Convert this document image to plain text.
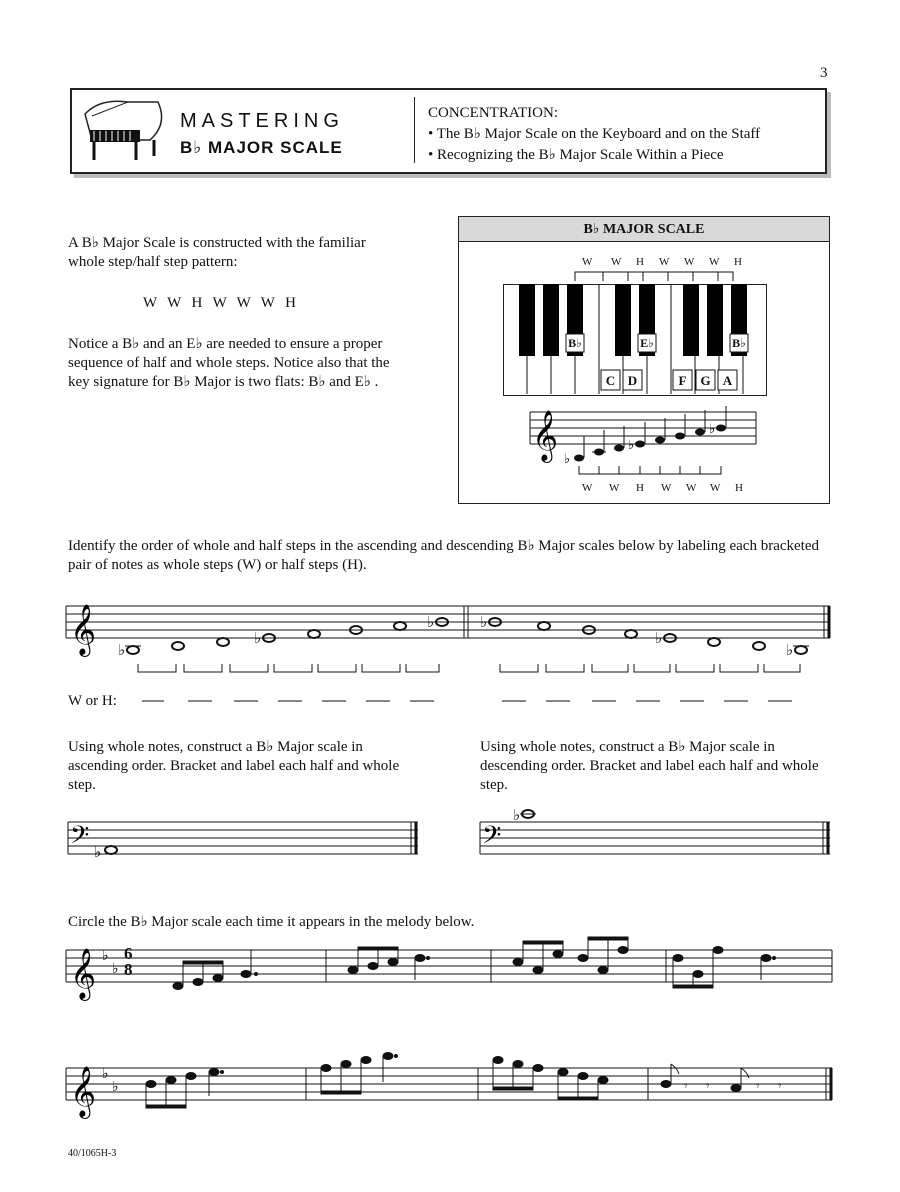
3
MASTERING
B♭ MAJOR SCALE
CONCENTRATION:
• The B♭ Major Scale on the Keyboard and on the Staff
• Recognizing the B♭ Major Scale Within a Piece
A B♭ Major Scale is constructed with the familiar whole step/half step pattern:
W  W  H  W  W  W  H
Notice a B♭ and an E♭ are needed to ensure a proper sequence of half and whole steps. Notice also that the key signature for B♭ Major is two flats: B♭ and E♭ .
B♭ MAJOR SCALE
W W H W W W H
B♭	E♭	B♭
C D	F	G A
𝄞 ♭
♭
♭
W W H W W W H
Identify the order of whole and half steps in the ascending and descending B♭ Major scales below by labeling each bracketed pair of notes as whole steps (W) or half steps (H).
𝄞 ♭
♭
♭	♭
♭
♭
W or H:
Using whole notes, construct a B♭ Major scale in ascending order. Bracket and label each half and whole step.
Using whole notes, construct a B♭ Major scale in descending order. Bracket and label each half and whole step.
𝄢 ♭	𝄢
♭
Circle the B♭ Major scale each time it appears in the melody below.
𝄞 ♭
♭
6
8
𝄞 ♭
♭	𝄾 𝄾	𝄾 𝄾
40/1065H-3
